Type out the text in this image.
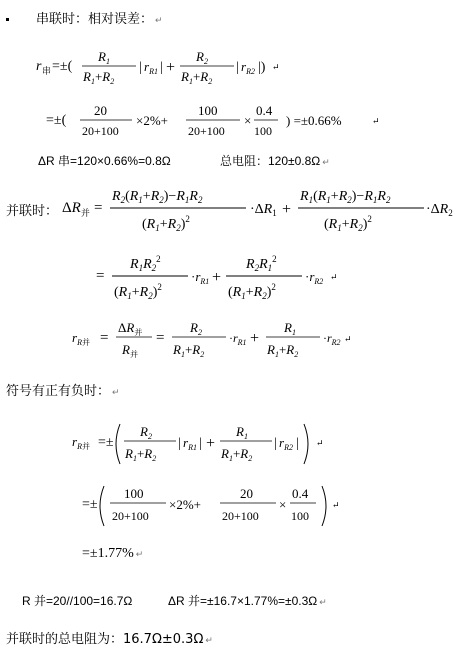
串联时：相对误差： ↵
r 串 =±(
$R_1$
$R_1+R_2$
| $r_{R1}$ | +
$R_2$
$R_1+R_2$
| $r_{R2}$ |) ↵
=±(
20
20+100
×2%+
100
20+100
×
0.4
100
) =±0.66%	↵
ΔR 串=120×0.66%=0.8Ω	总电阻：120±0.8Ω ↵
并联时： $\Delta R_并$ =
$R_2(R_1+R_2)-R_1R_2$
$(R_1+R_2)^2$
$\cdot\Delta R_1$ +
$R_1(R_1+R_2)-R_1R_2$
$(R_1+R_2)^2$
$\cdot\Delta R_2$
=
$R_1R_2^2$
$(R_1+R_2)^2$
$\cdot r_{R1}$ +
$R_2R_1^2$
$(R_1+R_2)^2$
$\cdot r_{R2}$ ↵
$r_R$并 =
$\Delta R_并$
$R_并$
=
$R_2$
$R_1+R_2$
$\cdot r_{R1}$ +
$R_1$
$R_1+R_2$
$\cdot r_{R2}$ ↵
符号有正有负时： ↵
$r_R$并 =±
$R_2$
$R_1+R_2$
| $r_{R1}$ | +
$R_1$
$R_1+R_2$
| $r_{R2}$ | ↵
=±
100
20+100
×2%+
20
20+100
×
0.4
100
↵
=±1.77% ↵
R 并=20//100=16.7Ω	ΔR 并=±16.7×1.77%=±0.3Ω ↵
并联时的总电阻为：16.7Ω±0.3Ω ↵
